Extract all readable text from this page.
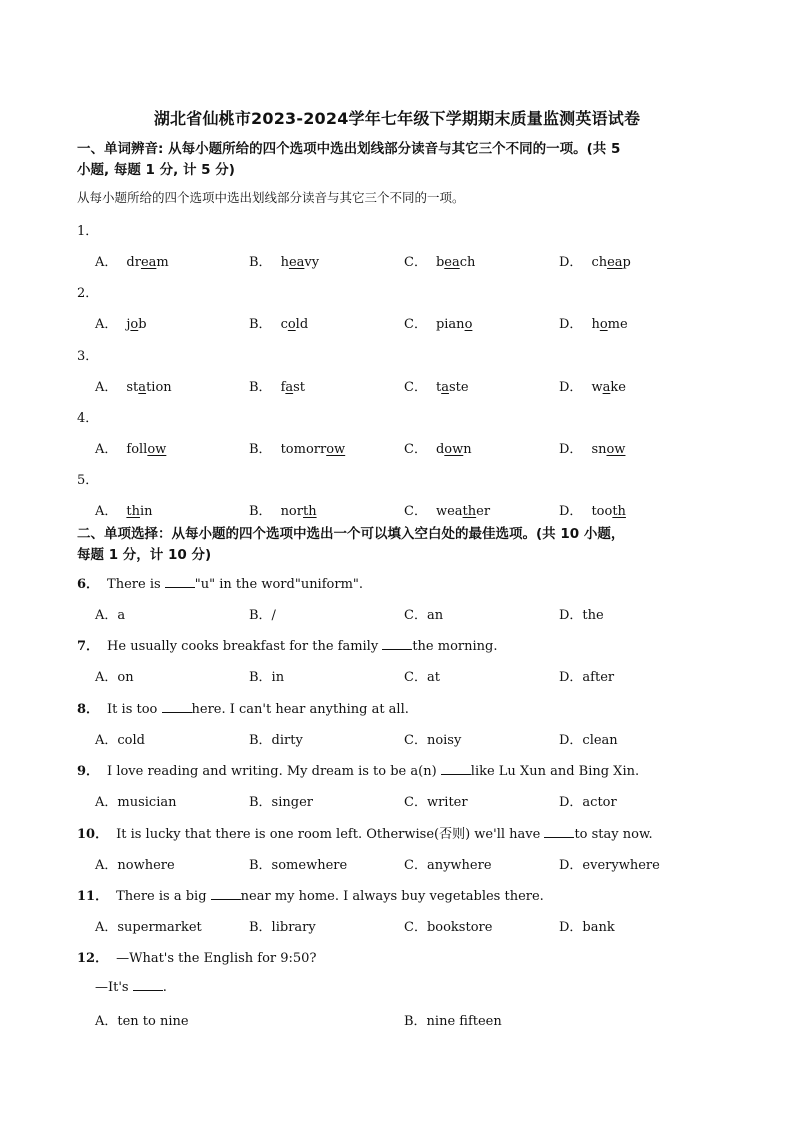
湖北省仙桃市2023-2024学年七年级下学期期末质量监测英语试卷
一、单词辨音: 从每小题所给的四个选项中选出划线部分读音与其它三个不同的一项。(共 5
小题, 每题 1 分, 计 5 分)
从每小题所给的四个选项中选出划线部分读音与其它三个不同的一项。
1．
A． dream	B． heavy	C． beach	D． cheap
2．
A． job	B． cold	C． piano	D． home
3．
A． station	B． fast	C． taste	D． wake
4．
A． follow	B． tomorrow	C． down	D． snow
5．
A． thin	B． north	C． weather	D． tooth
二、单项选择：从每小题的四个选项中选出一个可以填入空白处的最佳选项。(共 10 小题，
每题 1 分，计 10 分)
6． There is "u" in the word"uniform".
A．a	B．/	C．an	D．the
7． He usually cooks breakfast for the family the morning.
A．on	B．in	C．at	D．after
8． It is too here. I can't hear anything at all.
A．cold	B．dirty	C．noisy	D．clean
9． I love reading and writing. My dream is to be a(n) like Lu Xun and Bing Xin.
A．musician	B．singer	C．writer	D．actor
10． It is lucky that there is one room left. Otherwise(否则) we'll have to stay now.
A．nowhere	B．somewhere	C．anywhere	D．everywhere
11． There is a big near my home. I always buy vegetables there.
A．supermarket	B．library	C．bookstore	D．bank
12． —What's the English for 9:50?
—It's .
A．ten to nine	B．nine fifteen
